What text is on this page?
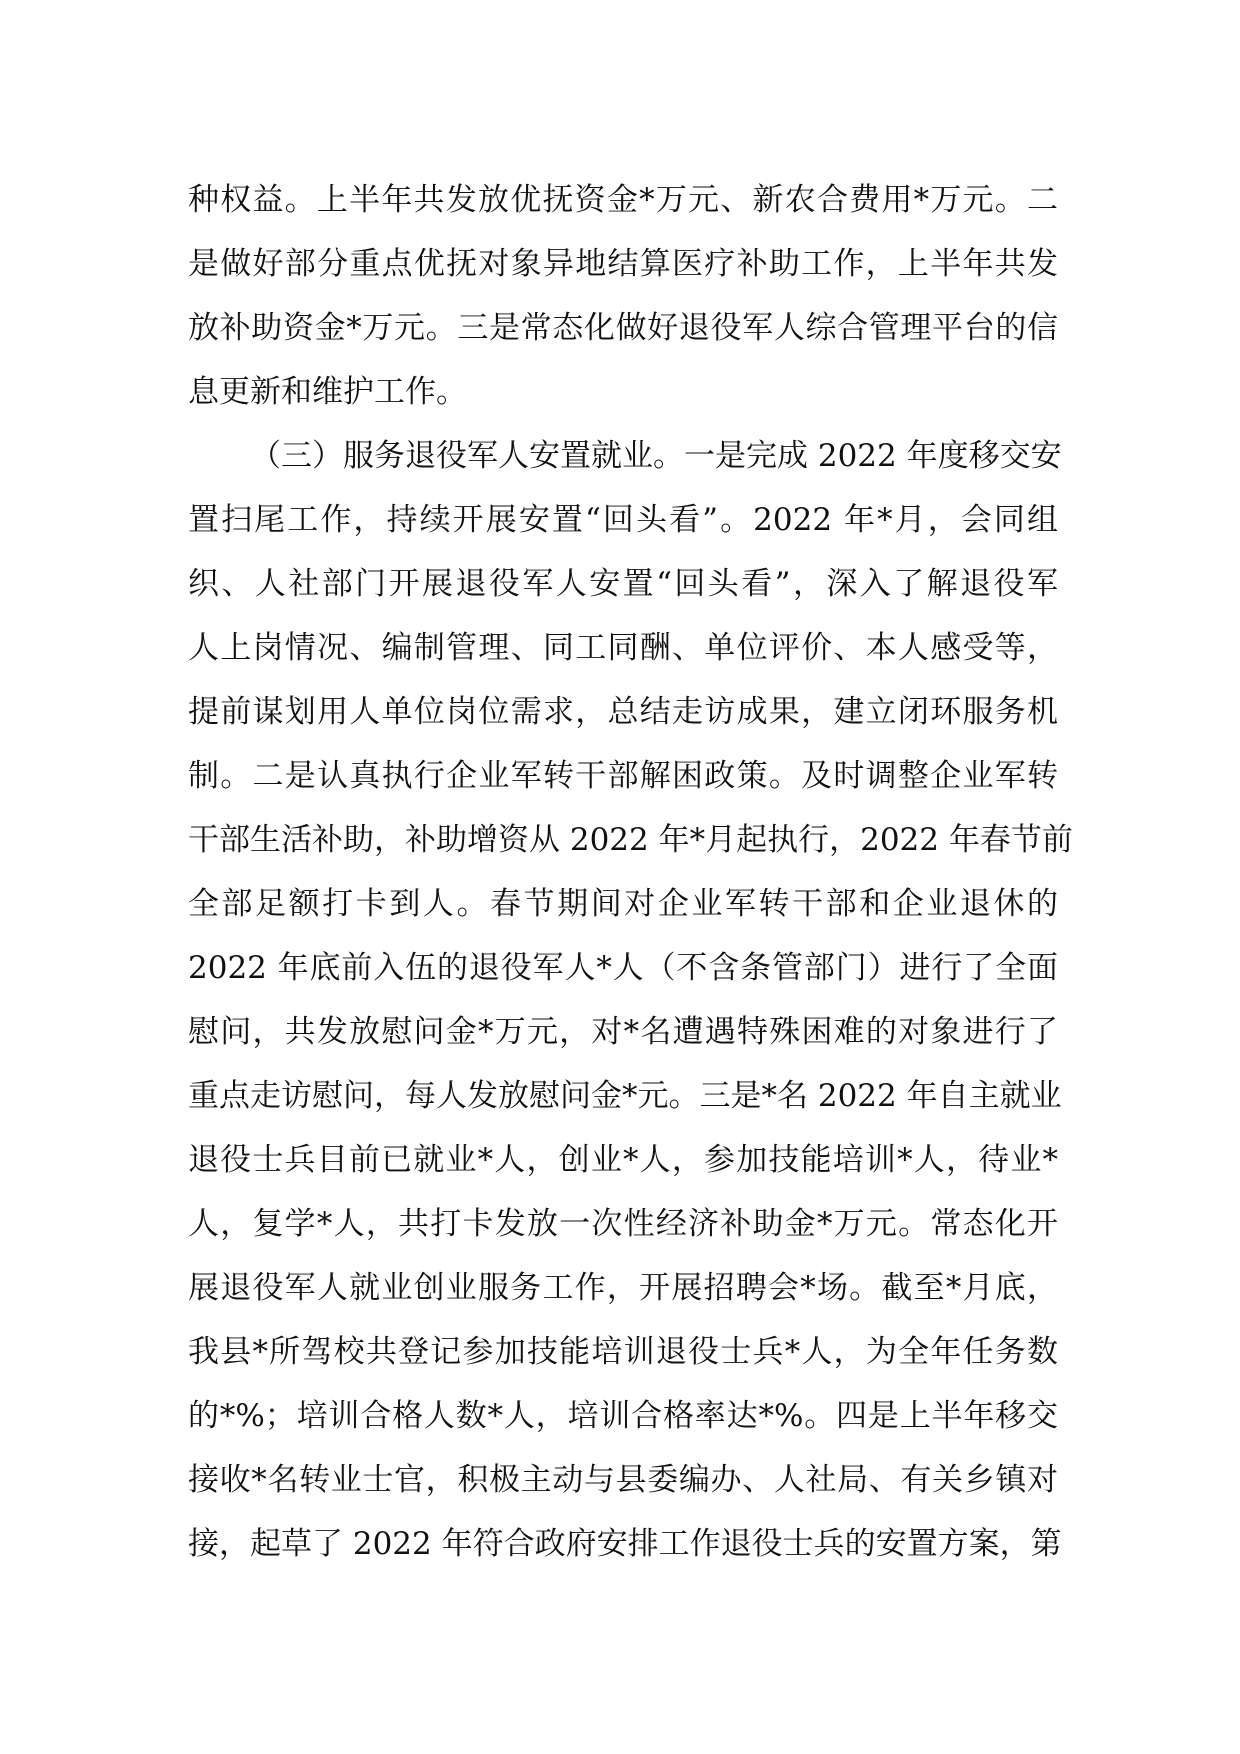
种权益。上半年共发放优抚资金*万元、新农合费用*万元。二
是做好部分重点优抚对象异地结算医疗补助工作，上半年共发
放补助资金*万元。三是常态化做好退役军人综合管理平台的信
息更新和维护工作。
（三）服务退役军人安置就业。一是完成 2022 年度移交安
置扫尾工作，持续开展安置“回头看”。2022 年*月，会同组
织、人社部门开展退役军人安置“回头看”，深入了解退役军
人上岗情况、编制管理、同工同酬、单位评价、本人感受等，
提前谋划用人单位岗位需求，总结走访成果，建立闭环服务机
制。二是认真执行企业军转干部解困政策。及时调整企业军转
干部生活补助，补助增资从 2022 年*月起执行，2022 年春节前
全部足额打卡到人。春节期间对企业军转干部和企业退休的
2022 年底前入伍的退役军人*人（不含条管部门）进行了全面
慰问，共发放慰问金*万元，对*名遭遇特殊困难的对象进行了
重点走访慰问，每人发放慰问金*元。三是*名 2022 年自主就业
退役士兵目前已就业*人，创业*人，参加技能培训*人，待业*
人，复学*人，共打卡发放一次性经济补助金*万元。常态化开
展退役军人就业创业服务工作，开展招聘会*场。截至*月底，
我县*所驾校共登记参加技能培训退役士兵*人，为全年任务数
的*%；培训合格人数*人，培训合格率达*%。四是上半年移交
接收*名转业士官，积极主动与县委编办、人社局、有关乡镇对
接，起草了 2022 年符合政府安排工作退役士兵的安置方案，第
